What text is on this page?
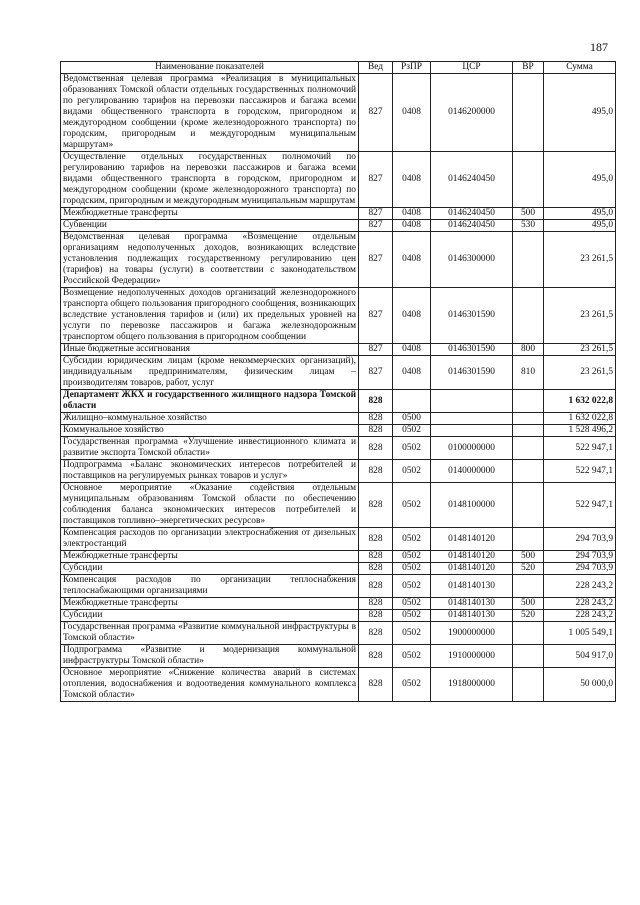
187
Наименование показателей	Вед	РзПР	ЦСР	ВР	Сумма
Ведомственная целевая программа «Реализация в муниципальных образованиях Томской области отдельных государственных полномочий по регулированию тарифов на перевозки пассажиров и багажа всеми видами общественного транспорта в городском, пригородном и междугородном сообщении (кроме железнодорожного транспорта) по городским, пригородным и междугородным муниципальным маршрутам»	827	0408	0146200000		495,0
Осуществление отдельных государственных полномочий по регулированию тарифов на перевозки пассажиров и багажа всеми видами общественного транспорта в городском, пригородном и междугородном сообщении (кроме железнодорожного транспорта) по городским, пригородным и междугородным муниципальным маршрутам	827	0408	0146240450		495,0
Межбюджетные трансферты	827	0408	0146240450	500	495,0
Субвенции	827	0408	0146240450	530	495,0
Ведомственная целевая программа «Возмещение отдельным организациям недополученных доходов, возникающих вследствие установления подлежащих государственному регулированию цен (тарифов) на товары (услуги) в соответствии с законодательством Российской Федерации»	827	0408	0146300000		23 261,5
Возмещение недополученных доходов организаций железнодорожного транспорта общего пользования пригородного сообщения, возникающих вследствие установления тарифов и (или) их предельных уровней на услуги по перевозке пассажиров и багажа железнодорожным транспортом общего пользования в пригородном сообщении	827	0408	0146301590		23 261,5
Иные бюджетные ассигнования	827	0408	0146301590	800	23 261,5
Субсидии юридическим лицам (кроме некоммерческих организаций), индивидуальным предпринимателям, физическим лицам – производителям товаров, работ, услуг	827	0408	0146301590	810	23 261,5
Департамент ЖКХ и государственного жилищного надзора Томской области	828				1 632 022,8
Жилищно–коммунальное хозяйство	828	0500			1 632 022,8
Коммунальное хозяйство	828	0502			1 528 496,2
Государственная программа «Улучшение инвестиционного климата и развитие экспорта Томской области»	828	0502	0100000000		522 947,1
Подпрограмма «Баланс экономических интересов потребителей и поставщиков на регулируемых рынках товаров и услуг»	828	0502	0140000000		522 947,1
Основное мероприятие «Оказание содействия отдельным муниципальным образованиям Томской области по обеспечению соблюдения баланса экономических интересов потребителей и поставщиков топливно–энергетических ресурсов»	828	0502	0148100000		522 947,1
Компенсация расходов по организации электроснабжения от дизельных электростанций	828	0502	0148140120		294 703,9
Межбюджетные трансферты	828	0502	0148140120	500	294 703,9
Субсидии	828	0502	0148140120	520	294 703,9
Компенсация расходов по организации теплоснабжения теплоснабжающими организациями	828	0502	0148140130		228 243,2
Межбюджетные трансферты	828	0502	0148140130	500	228 243,2
Субсидии	828	0502	0148140130	520	228 243,2
Государственная программа «Развитие коммунальной инфраструктуры в Томской области»	828	0502	1900000000		1 005 549,1
Подпрограмма «Развитие и модернизация коммунальной инфраструктуры Томской области»	828	0502	1910000000		504 917,0
Основное мероприятие «Снижение количества аварий в системах отопления, водоснабжения и водоотведения коммунального комплекса Томской области»	828	0502	1918000000		50 000,0
